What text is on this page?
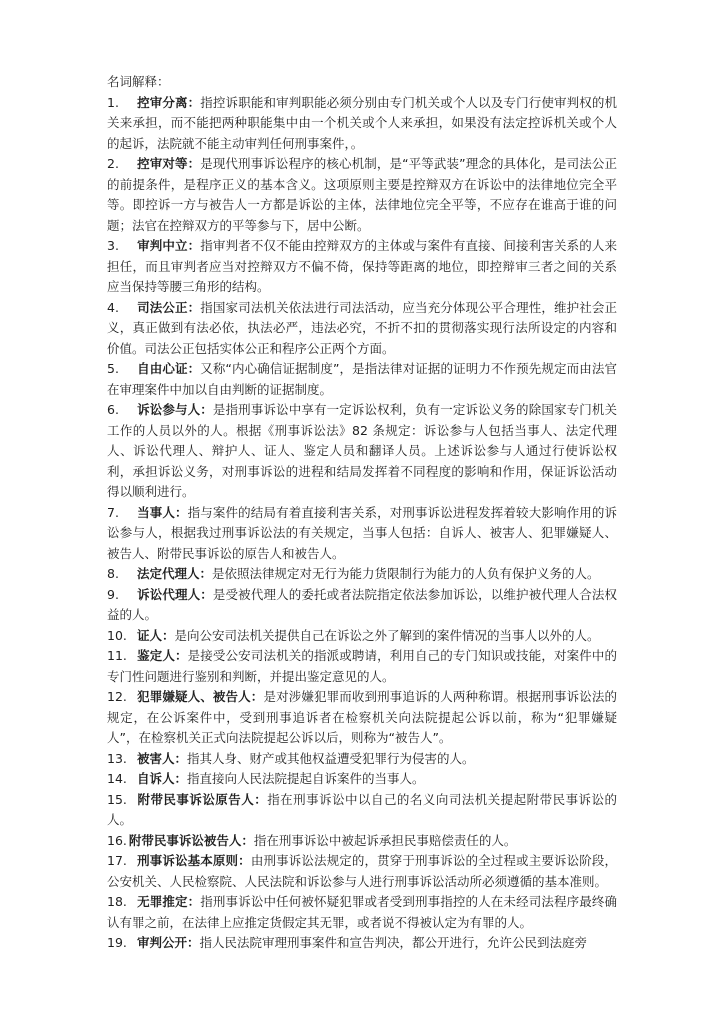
名词解释：

1. 控审分离：指控诉职能和审判职能必须分别由专门机关或个人以及专门行使审判权的机关来承担，而不能把两种职能集中由一个机关或个人来承担，如果没有法定控诉机关或个人的起诉，法院就不能主动审判任何刑事案件，。

2. 控审对等：是现代刑事诉讼程序的核心机制，是“平等武装”理念的具体化，是司法公正的前提条件，是程序正义的基本含义。这项原则主要是控辩双方在诉讼中的法律地位完全平等。即控诉一方与被告人一方都是诉讼的主体，法律地位完全平等，不应存在谁高于谁的问题；法官在控辩双方的平等参与下，居中公断。

3. 审判中立：指审判者不仅不能由控辩双方的主体或与案件有直接、间接利害关系的人来担任，而且审判者应当对控辩双方不偏不倚，保持等距离的地位，即控辩审三者之间的关系应当保持等腰三角形的结构。

4. 司法公正：指国家司法机关依法进行司法活动，应当充分体现公平合理性，维护社会正义，真正做到有法必依，执法必严，违法必究，不折不扣的贯彻落实现行法所设定的内容和价值。司法公正包括实体公正和程序公正两个方面。

5. 自由心证：又称“内心确信证据制度”，是指法律对证据的证明力不作预先规定而由法官在审理案件中加以自由判断的证据制度。

6. 诉讼参与人：是指刑事诉讼中享有一定诉讼权利，负有一定诉讼义务的除国家专门机关工作的人员以外的人。根据《刑事诉讼法》82 条规定：诉讼参与人包括当事人、法定代理人、诉讼代理人、辩护人、证人、鉴定人员和翻译人员。上述诉讼参与人通过行使诉讼权利，承担诉讼义务，对刑事诉讼的进程和结局发挥着不同程度的影响和作用，保证诉讼活动得以顺利进行。

7. 当事人：指与案件的结局有着直接利害关系，对刑事诉讼进程发挥着较大影响作用的诉讼参与人，根据我过刑事诉讼法的有关规定，当事人包括：自诉人、被害人、犯罪嫌疑人、被告人、附带民事诉讼的原告人和被告人。

8. 法定代理人：是依照法律规定对无行为能力货限制行为能力的人负有保护义务的人。

9. 诉讼代理人：是受被代理人的委托或者法院指定依法参加诉讼，以维护被代理人合法权益的人。

10. 证人：是向公安司法机关提供自己在诉讼之外了解到的案件情况的当事人以外的人。

11. 鉴定人：是接受公安司法机关的指派或聘请，利用自己的专门知识或技能，对案件中的专门性问题进行鉴别和判断，并提出鉴定意见的人。

12. 犯罪嫌疑人、被告人：是对涉嫌犯罪而收到刑事追诉的人两种称谓。根据刑事诉讼法的规定，在公诉案件中，受到刑事追诉者在检察机关向法院提起公诉以前，称为“犯罪嫌疑人”，在检察机关正式向法院提起公诉以后，则称为“被告人”。

13. 被害人：指其人身、财产或其他权益遭受犯罪行为侵害的人。

14. 自诉人：指直接向人民法院提起自诉案件的当事人。

15. 附带民事诉讼原告人：指在刑事诉讼中以自己的名义向司法机关提起附带民事诉讼的人。

16. 附带民事诉讼被告人：指在刑事诉讼中被起诉承担民事赔偿责任的人。

17. 刑事诉讼基本原则：由刑事诉讼法规定的，贯穿于刑事诉讼的全过程或主要诉讼阶段，公安机关、人民检察院、人民法院和诉讼参与人进行刑事诉讼活动所必须遵循的基本准则。

18. 无罪推定：指刑事诉讼中任何被怀疑犯罪或者受到刑事指控的人在未经司法程序最终确认有罪之前，在法律上应推定货假定其无罪，或者说不得被认定为有罪的人。

19. 审判公开：指人民法院审理刑事案件和宣告判决，都公开进行，允许公民到法庭旁
